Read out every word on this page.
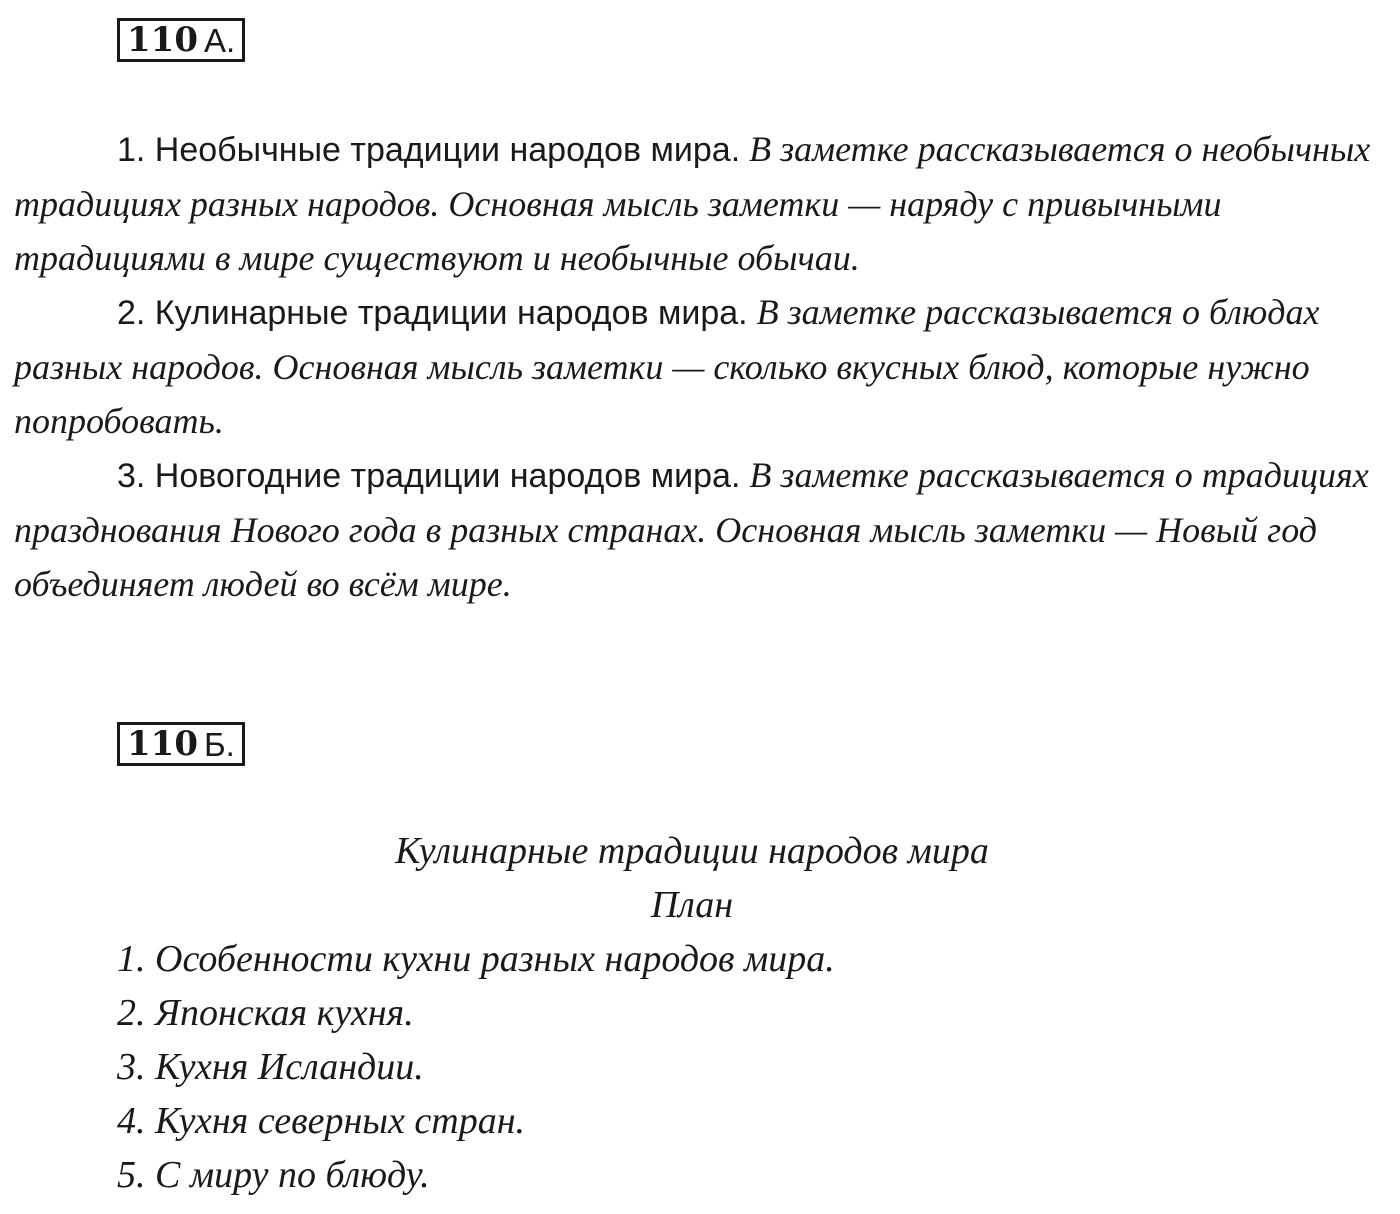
110 А.

1. Необычные традиции народов мира. В заметке рассказывается о необычных традициях разных народов. Основная мысль заметки — наряду с привычными традициями в мире существуют и необычные обычаи.

2. Кулинарные традиции народов мира. В заметке рассказывается о блюдах разных народов. Основная мысль заметки — сколько вкусных блюд, которые нужно попробовать.

3. Новогодние традиции народов мира. В заметке рассказывается о традициях празднования Нового года в разных странах. Основная мысль заметки — Новый год объединяет людей во всём мире.

110 Б.
Кулинарные традиции народов мира
План
1. Особенности кухни разных народов мира.
2. Японская кухня.
3. Кухня Исландии.
4. Кухня северных стран.
5. С миру по блюду.
